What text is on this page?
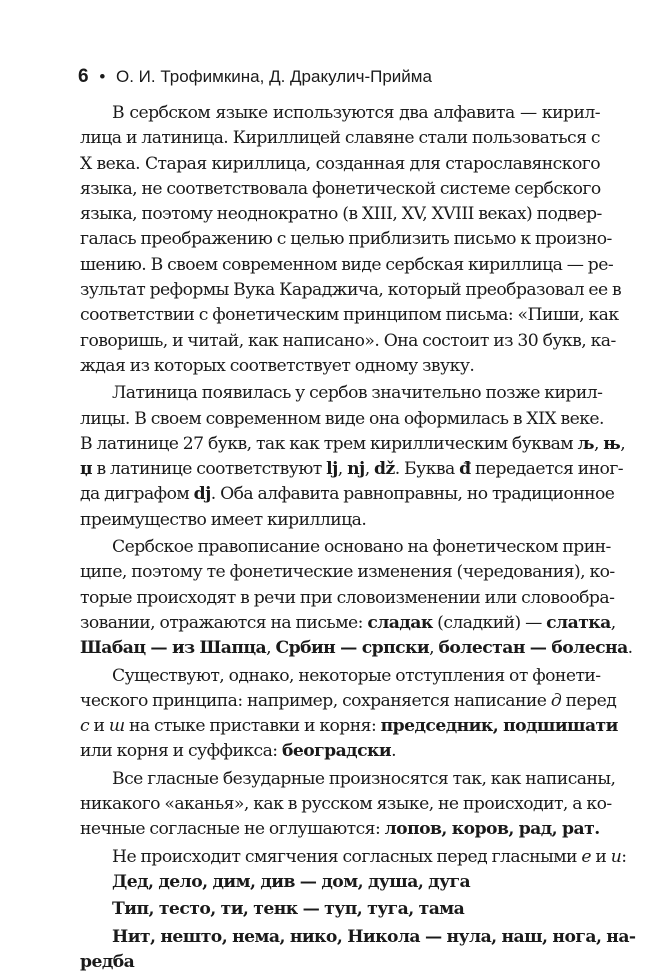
6 • О. И. Трофимкина, Д. Дракулич-Прийма
В сербском языке используются два алфавита — кирил-
лица и латиница. Кириллицей славяне стали пользоваться с
X века. Старая кириллица, созданная для старославянского
языка, не соответствовала фонетической системе сербского
языка, поэтому неоднократно (в XIII, XV, XVIII веках) подвер-
галась преображению с целью приблизить письмо к произно-
шению. В своем современном виде сербская кириллица — ре-
зультат реформы Вука Караджича, который преобразовал ее в
соответствии с фонетическим принципом письма: «Пиши, как
говоришь, и читай, как написано». Она состоит из 30 букв, ка-
ждая из которых соответствует одному звуку.
Латиница появилась у сербов значительно позже кирил-
лицы. В своем современном виде она оформилась в XIX веке.
В латинице 27 букв, так как трем кириллическим буквам љ, њ,
џ в латинице соответствуют lj, nj, dž. Буква đ передается иног-
да диграфом dj. Оба алфавита равноправны, но традиционное
преимущество имеет кириллица.
Сербское правописание основано на фонетическом прин-
ципе, поэтому те фонетические изменения (чередования), ко-
торые происходят в речи при словоизменении или словообра-
зовании, отражаются на письме: сладак (сладкий) — слатка,
Шабац — из Шапца, Србин — српски, болестан — болесна.
Существуют, однако, некоторые отступления от фонети-
ческого принципа: например, сохраняется написание д перед
с и ш на стыке приставки и корня: председник, подшишати
или корня и суффикса: београдски.
Все гласные безударные произносятся так, как написаны,
никакого «аканья», как в русском языке, не происходит, а ко-
нечные согласные не оглушаются: лопов, коров, рад, рат.
Не происходит смягчения согласных перед гласными е и и:
Дед, дело, дим, див — дом, душа, дуга
Тип, тесто, ти, тенк — туп, туга, тама
Нит, нешто, нема, нико, Никола — нула, наш, нога, на-
редба
